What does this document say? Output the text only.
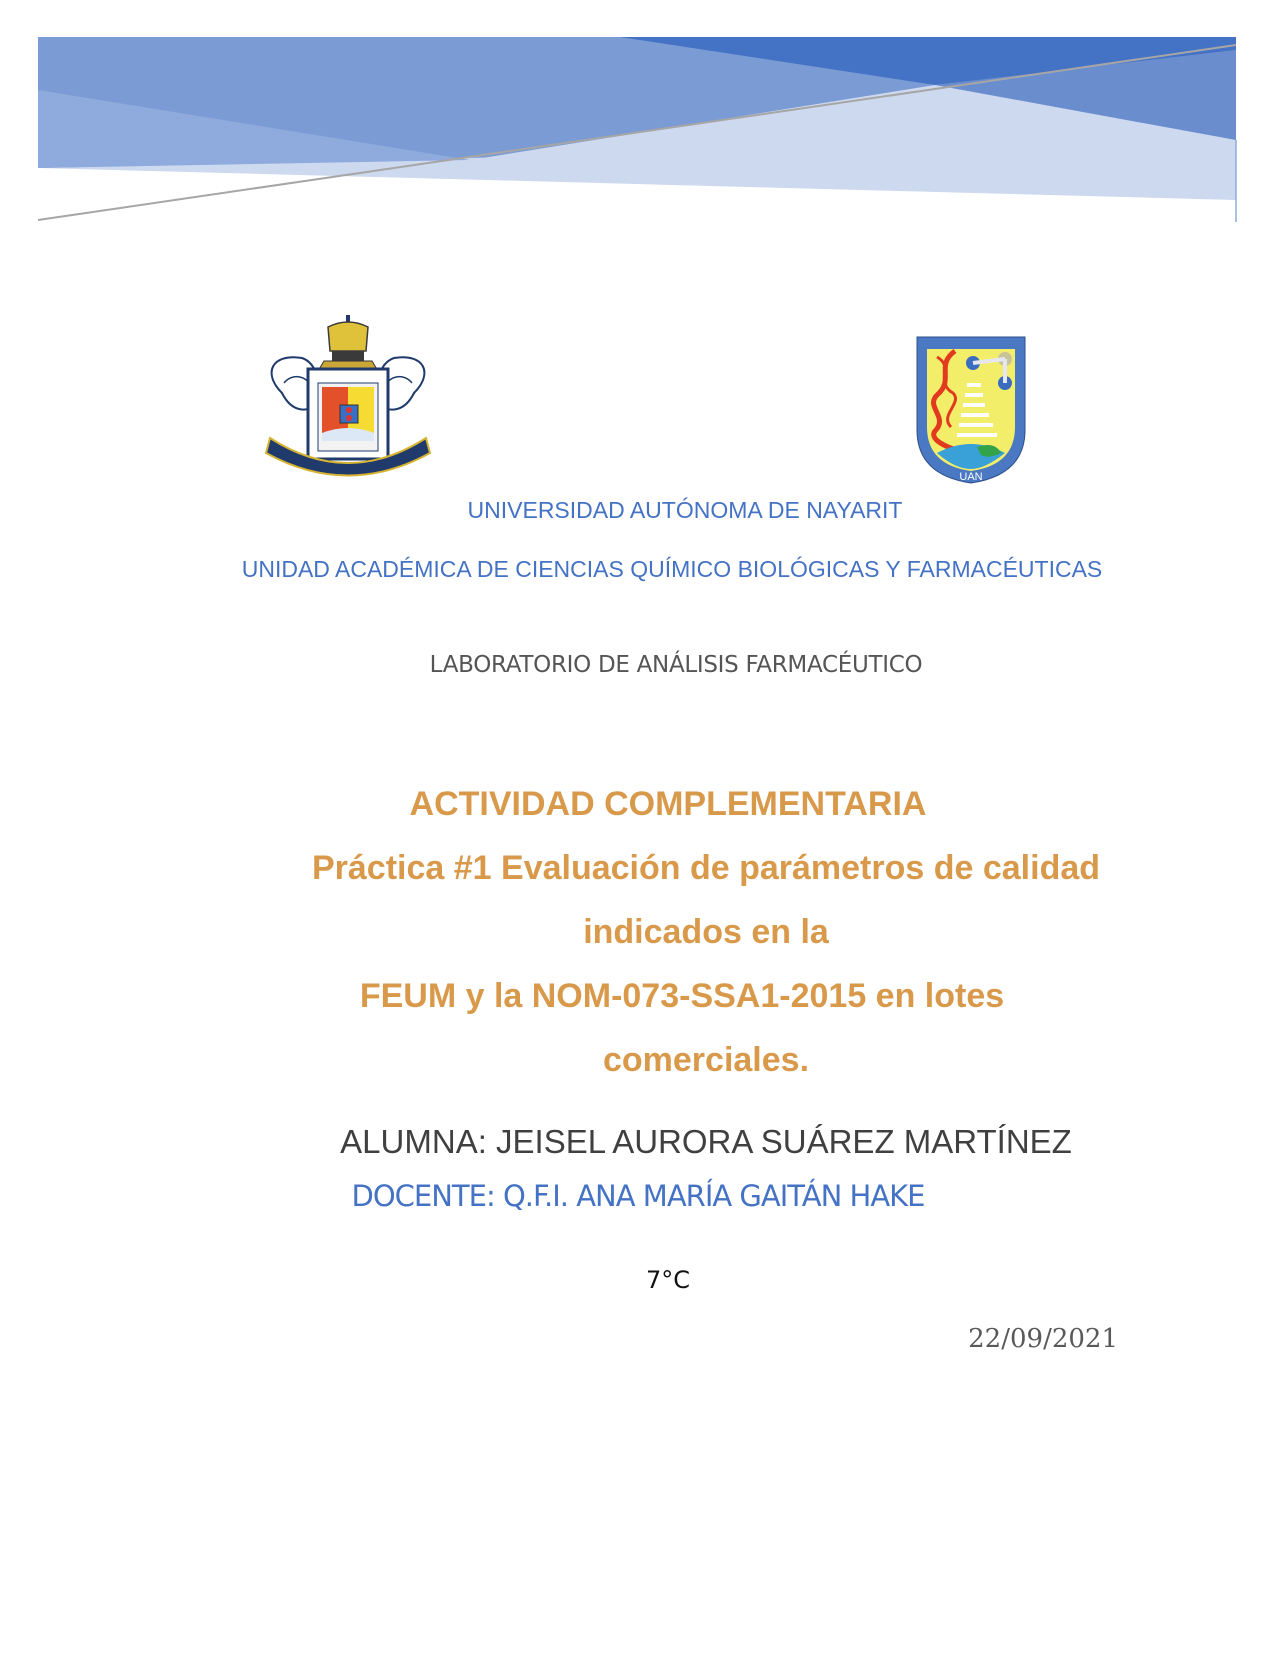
UAN
UNIVERSIDAD AUTÓNOMA DE NAYARIT
UNIDAD ACADÉMICA DE CIENCIAS QUÍMICO BIOLÓGICAS Y FARMACÉUTICAS
LABORATORIO DE ANÁLISIS FARMACÉUTICO
ACTIVIDAD COMPLEMENTARIA
Práctica #1 Evaluación de parámetros de calidad
indicados en la
FEUM y la NOM-073-SSA1-2015 en lotes
comerciales.
ALUMNA: JEISEL AURORA SUÁREZ MARTÍNEZ
DOCENTE: Q.F.I. ANA MARÍA GAITÁN HAKE
7°C
22/09/2021
